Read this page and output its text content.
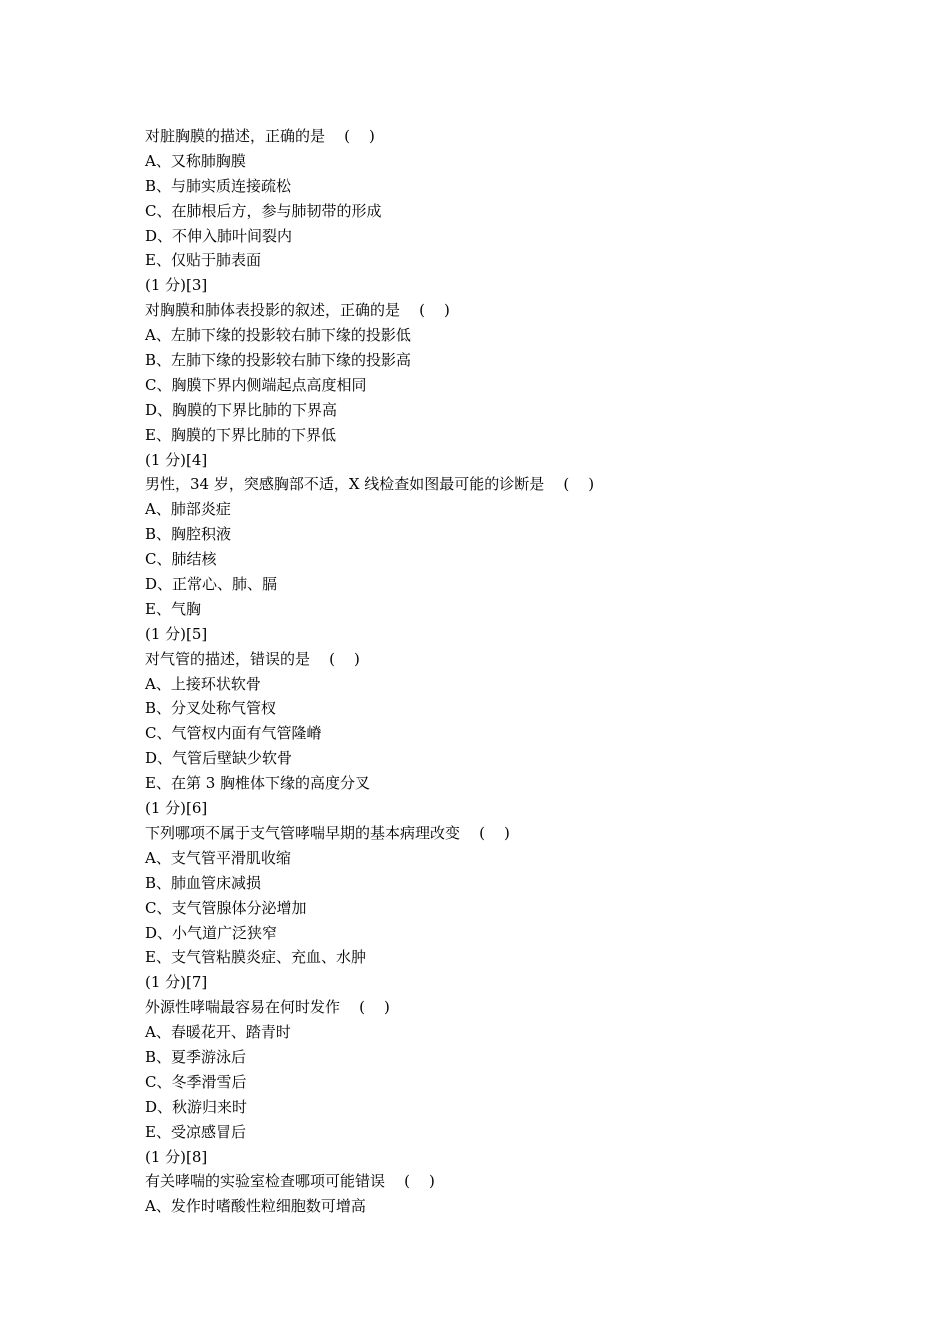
对脏胸膜的描述，正确的是    (    )
A、又称肺胸膜
B、与肺实质连接疏松
C、在肺根后方，参与肺韧带的形成
D、不伸入肺叶间裂内
E、仅贴于肺表面
(1 分)[3]
对胸膜和肺体表投影的叙述，正确的是    (    )
A、左肺下缘的投影较右肺下缘的投影低
B、左肺下缘的投影较右肺下缘的投影高
C、胸膜下界内侧端起点高度相同
D、胸膜的下界比肺的下界高
E、胸膜的下界比肺的下界低
(1 分)[4]
男性，34 岁，突感胸部不适，X 线检查如图最可能的诊断是    (    )
A、肺部炎症
B、胸腔积液
C、肺结核
D、正常心、肺、膈
E、气胸
(1 分)[5]
对气管的描述，错误的是    (    )
A、上接环状软骨
B、分叉处称气管杈
C、气管杈内面有气管隆嵴
D、气管后壁缺少软骨
E、在第 3 胸椎体下缘的高度分叉
(1 分)[6]
下列哪项不属于支气管哮喘早期的基本病理改变    (    )
A、支气管平滑肌收缩
B、肺血管床减损
C、支气管腺体分泌增加
D、小气道广泛狭窄
E、支气管粘膜炎症、充血、水肿
(1 分)[7]
外源性哮喘最容易在何时发作    (    )
A、春暖花开、踏青时
B、夏季游泳后
C、冬季滑雪后
D、秋游归来时
E、受凉感冒后
(1 分)[8]
有关哮喘的实验室检查哪项可能错误    (    )
A、发作时嗜酸性粒细胞数可增高
